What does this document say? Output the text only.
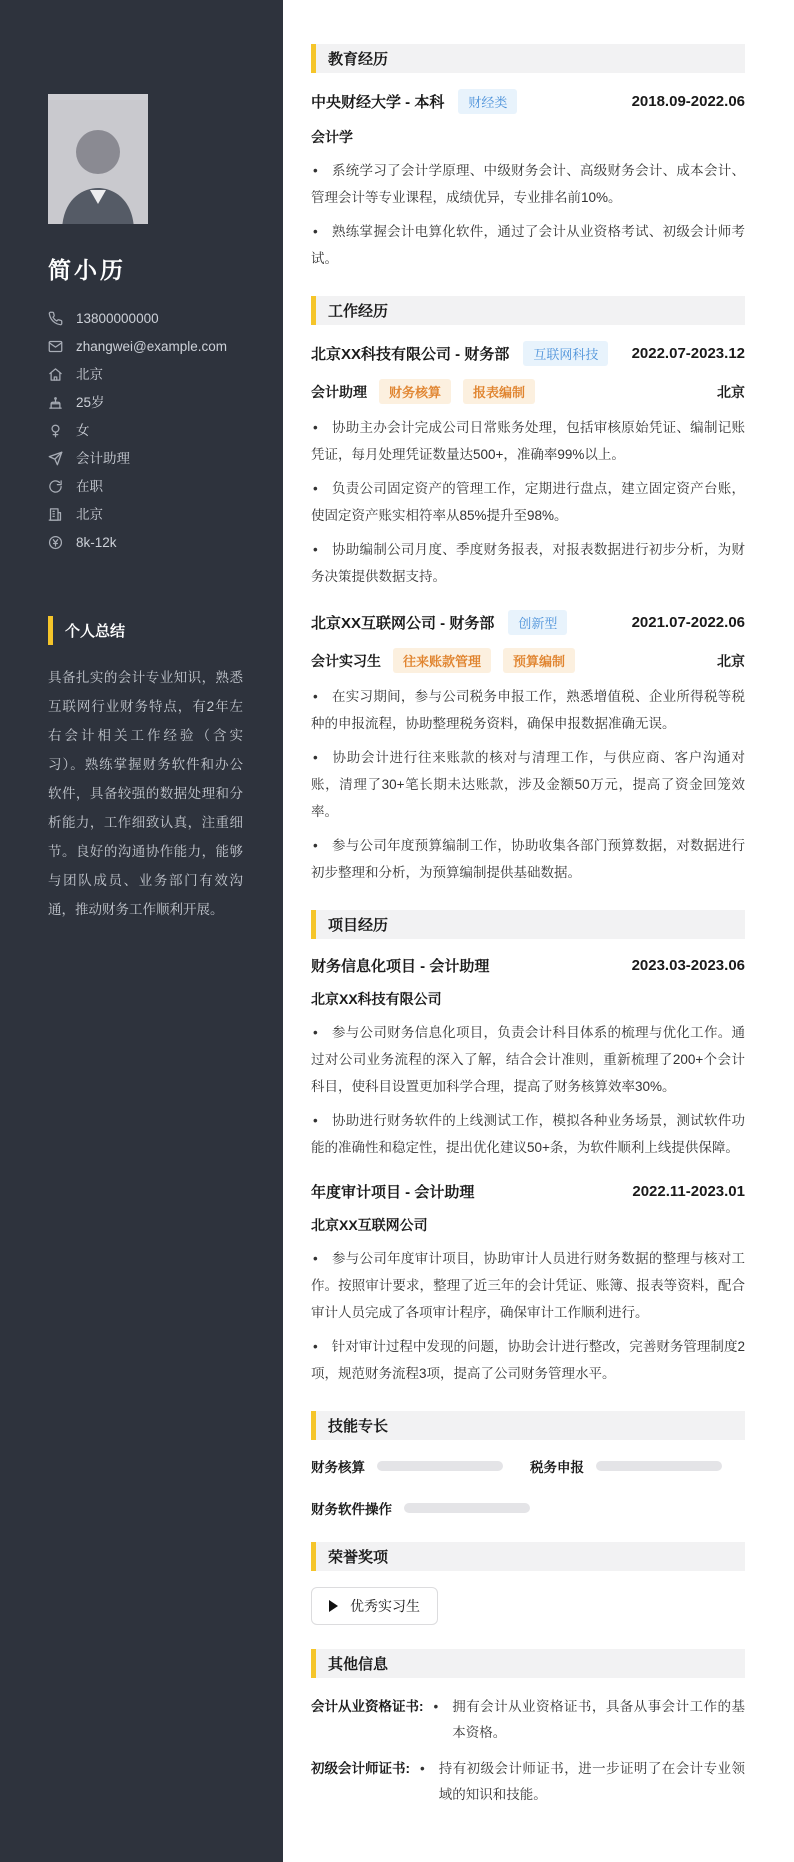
简小历
13800000000
zhangwei@example.com
北京
25岁
女
会计助理
在职
北京
8k-12k
个人总结

具备扎实的会计专业知识，熟悉互联网行业财务特点，有2年左右会计相关工作经验（含实习）。熟练掌握财务软件和办公软件，具备较强的数据处理和分析能力，工作细致认真，注重细节。良好的沟通协作能力，能够与团队成员、业务部门有效沟通，推动财务工作顺利开展。

教育经历
中央财经大学 - 本科	财经类	2018.09-2022.06
会计学

• 系统学习了会计学原理、中级财务会计、高级财务会计、成本会计、管理会计等专业课程，成绩优异，专业排名前10%。

• 熟练掌握会计电算化软件，通过了会计从业资格考试、初级会计师考试。

工作经历
北京XX科技有限公司 - 财务部	互联网科技	2022.07-2023.12
会计助理	财务核算	报表编制	北京

• 协助主办会计完成公司日常账务处理，包括审核原始凭证、编制记账凭证，每月处理凭证数量达500+，准确率99%以上。

• 负责公司固定资产的管理工作，定期进行盘点，建立固定资产台账，使固定资产账实相符率从85%提升至98%。

• 协助编制公司月度、季度财务报表，对报表数据进行初步分析，为财务决策提供数据支持。

北京XX互联网公司 - 财务部	创新型	2021.07-2022.06
会计实习生	往来账款管理	预算编制	北京

• 在实习期间，参与公司税务申报工作，熟悉增值税、企业所得税等税种的申报流程，协助整理税务资料，确保申报数据准确无误。

• 协助会计进行往来账款的核对与清理工作，与供应商、客户沟通对账，清理了30+笔长期未达账款，涉及金额50万元，提高了资金回笼效率。

• 参与公司年度预算编制工作，协助收集各部门预算数据，对数据进行初步整理和分析，为预算编制提供基础数据。

项目经历
财务信息化项目 - 会计助理	2023.03-2023.06
北京XX科技有限公司

• 参与公司财务信息化项目，负责会计科目体系的梳理与优化工作。通过对公司业务流程的深入了解，结合会计准则，重新梳理了200+个会计科目，使科目设置更加科学合理，提高了财务核算效率30%。

• 协助进行财务软件的上线测试工作，模拟各种业务场景，测试软件功能的准确性和稳定性，提出优化建议50+条，为软件顺利上线提供保障。

年度审计项目 - 会计助理	2022.11-2023.01
北京XX互联网公司

• 参与公司年度审计项目，协助审计人员进行财务数据的整理与核对工作。按照审计要求，整理了近三年的会计凭证、账簿、报表等资料，配合审计人员完成了各项审计程序，确保审计工作顺利进行。

• 针对审计过程中发现的问题，协助会计进行整改，完善财务管理制度2项，规范财务流程3项，提高了公司财务管理水平。

技能专长
财务核算	税务申报
财务软件操作
荣誉奖项
优秀实习生
其他信息
会计从业资格证书: • 拥有会计从业资格证书，具备从事会计工作的基本资格。
初级会计师证书: • 持有初级会计师证书，进一步证明了在会计专业领域的知识和技能。
